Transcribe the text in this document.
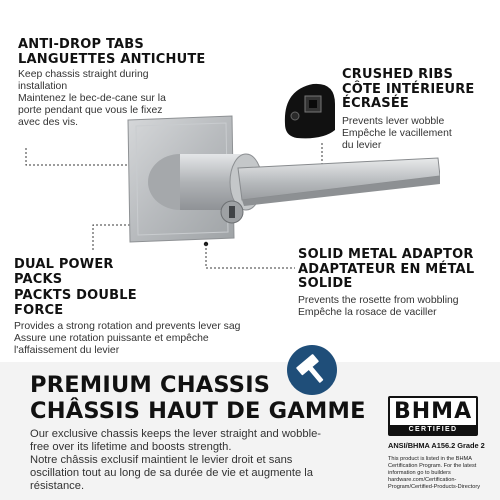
ANTI-DROP TABS
LANGUETTES ANTICHUTE
Keep chassis straight during installation
Maintenez le bec-de-cane sur la porte pendant que vous le fixez avec des vis.
CRUSHED RIBS
CÔTE INTÉRIEURE ÉCRASÉE
Prevents lever wobble
Empêche le vacillement du levier
DUAL POWER PACKS
PACKTS DOUBLE FORCE
Provides a strong rotation and prevents lever sag
Assure une rotation puissante et empêche l'affaissement du levier
SOLID METAL ADAPTOR
ADAPTATEUR EN MÉTAL SOLIDE
Prevents the rosette from wobbling
Empêche la rosace de vaciller
PREMIUM CHASSIS
CHÂSSIS HAUT DE GAMME
Our exclusive chassis keeps the lever straight and wobble-free over its lifetime and boosts strength.
Notre châssis exclusif maintient le levier droit et sans oscillation tout au long de sa durée de vie et augmente la résistance.
BHMA
CERTIFIED
ANSI/BHMA A156.2 Grade 2
This product is listed in the BHMA Certification Program. For the latest information go to builders hardware.com/Certification-Program/Certified-Products-Directory
